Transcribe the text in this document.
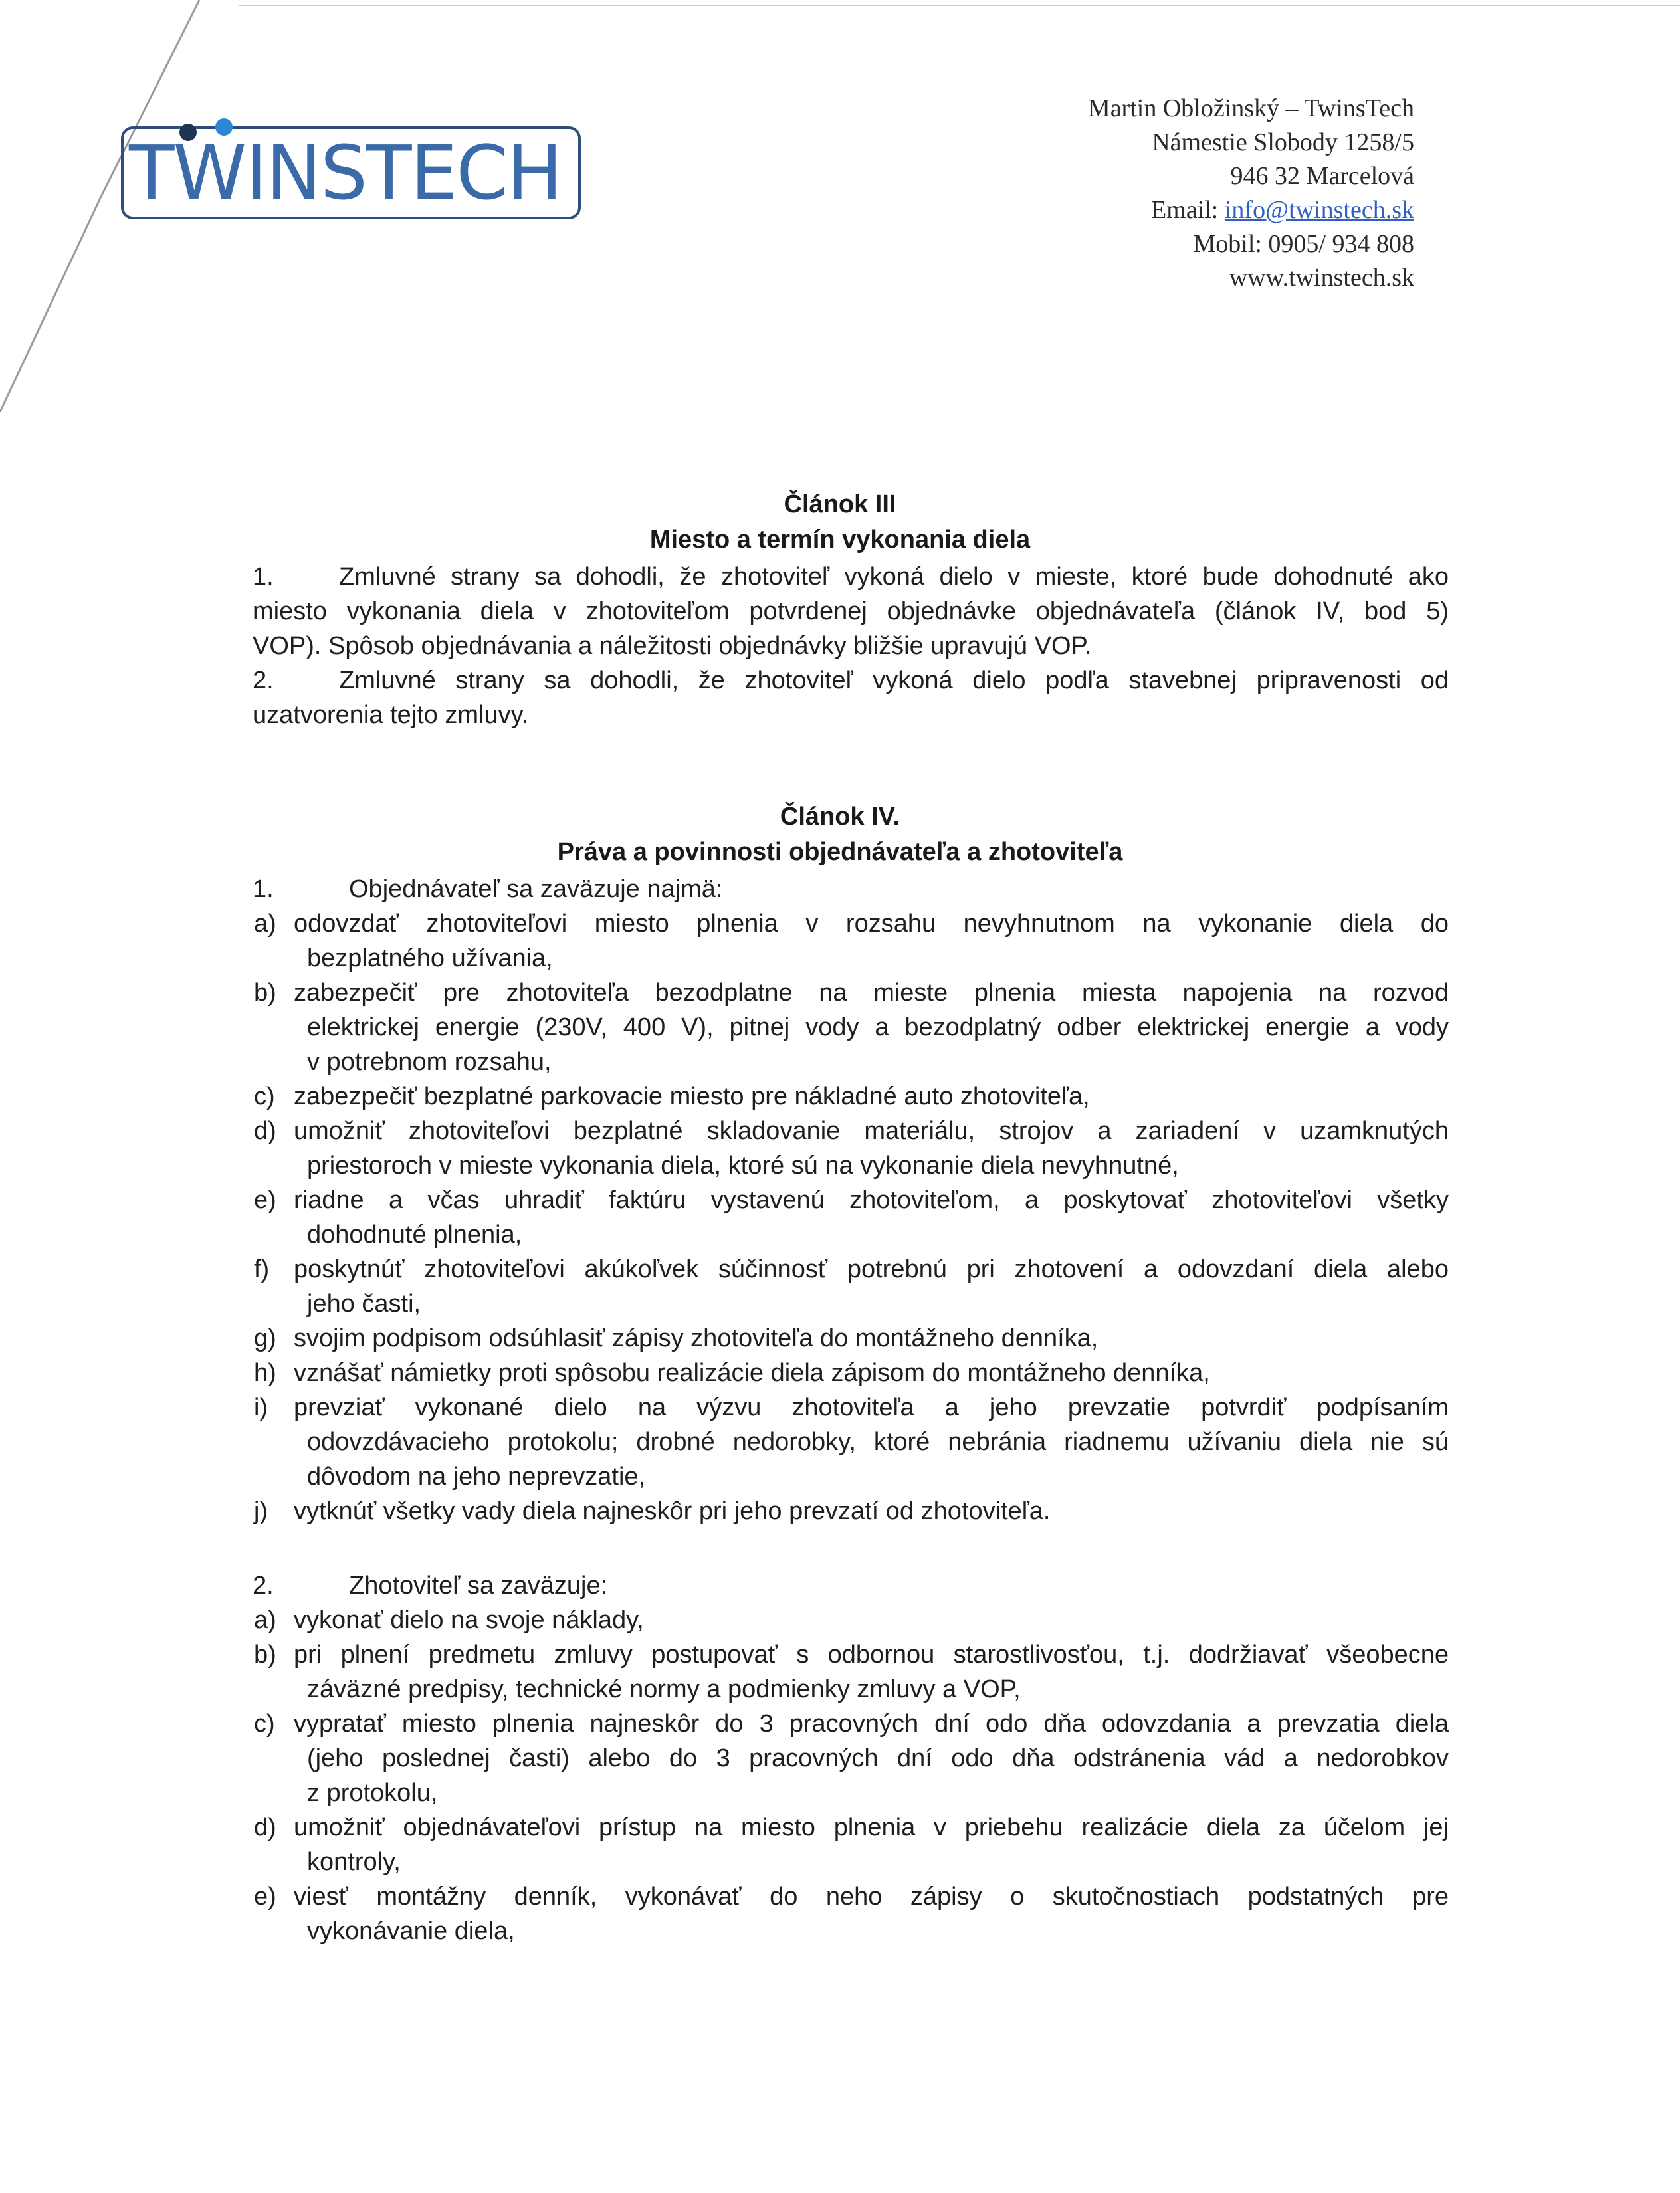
TWINSTECH
Martin Obložinský – TwinsTech
Námestie Slobody 1258/5
946 32 Marcelová
Email: info@twinstech.sk
Mobil: 0905/ 934 808
www.twinstech.sk
Článok III
Miesto a termín vykonania diela
1.	Zmluvné strany sa dohodli, že zhotoviteľ vykoná dielo v mieste, ktoré bude dohodnuté ako
miesto vykonania diela v zhotoviteľom potvrdenej objednávke objednávateľa (článok IV, bod 5)
VOP). Spôsob objednávania a náležitosti objednávky bližšie upravujú VOP.
2.	Zmluvné strany sa dohodli, že zhotoviteľ vykoná dielo podľa stavebnej pripravenosti od
uzatvorenia tejto zmluvy.
Článok IV.
Práva a povinnosti objednávateľa a zhotoviteľa
1.	Objednávateľ sa zaväzuje najmä:
a) odovzdať zhotoviteľovi miesto plnenia v rozsahu nevyhnutnom na vykonanie diela do
bezplatného užívania,
b) zabezpečiť pre zhotoviteľa bezodplatne na mieste plnenia miesta napojenia na rozvod
elektrickej energie (230V, 400 V), pitnej vody a bezodplatný odber elektrickej energie a vody
v potrebnom rozsahu,
c) zabezpečiť bezplatné parkovacie miesto pre nákladné auto zhotoviteľa,
d) umožniť zhotoviteľovi bezplatné skladovanie materiálu, strojov a zariadení v uzamknutých
priestoroch v mieste vykonania diela, ktoré sú na vykonanie diela nevyhnutné,
e) riadne a včas uhradiť faktúru vystavenú zhotoviteľom, a poskytovať zhotoviteľovi všetky
dohodnuté plnenia,
f) poskytnúť zhotoviteľovi akúkoľvek súčinnosť potrebnú pri zhotovení a odovzdaní diela alebo
jeho časti,
g) svojim podpisom odsúhlasiť zápisy zhotoviteľa do montážneho denníka,
h) vznášať námietky proti spôsobu realizácie diela zápisom do montážneho denníka,
i) prevziať vykonané dielo na výzvu zhotoviteľa a jeho prevzatie potvrdiť podpísaním
odovzdávacieho protokolu; drobné nedorobky, ktoré nebránia riadnemu užívaniu diela nie sú
dôvodom na jeho neprevzatie,
j) vytknúť všetky vady diela najneskôr pri jeho prevzatí od zhotoviteľa.
2.	Zhotoviteľ sa zaväzuje:
a) vykonať dielo na svoje náklady,
b) pri plnení predmetu zmluvy postupovať s odbornou starostlivosťou, t.j. dodržiavať všeobecne
záväzné predpisy, technické normy a podmienky zmluvy a VOP,
c) vypratať miesto plnenia najneskôr do 3 pracovných dní odo dňa odovzdania a prevzatia diela
(jeho poslednej časti) alebo do 3 pracovných dní odo dňa odstránenia vád a nedorobkov
z protokolu,
d) umožniť objednávateľovi prístup na miesto plnenia v priebehu realizácie diela za účelom jej
kontroly,
e) viesť montážny denník, vykonávať do neho zápisy o skutočnostiach podstatných pre
vykonávanie diela,
